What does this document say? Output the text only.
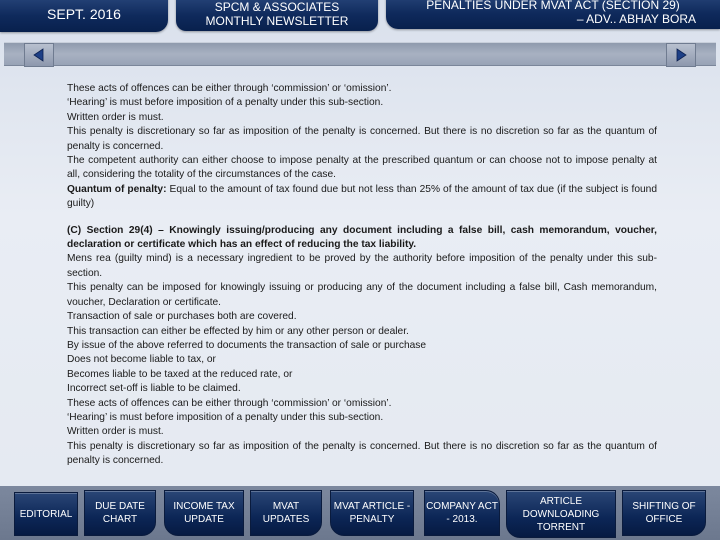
SEPT. 2016	SPCM & ASSOCIATES
MONTHLY NEWSLETTER
PENALTIES UNDER MVAT ACT (SECTION 29)
– ADV.. ABHAY BORA

These acts of offences can be either through ‘commission’ or ‘omission’.

‘Hearing’ is must before imposition of a penalty under this sub-section.

Written order is must.

This penalty is discretionary so far as imposition of the penalty is concerned. But there is no discretion so far as the quantum of penalty is concerned.

The competent authority can either choose to impose penalty at the prescribed quantum or can choose not to impose penalty at all, considering the totality of the circumstances of the case.

Quantum of penalty: Equal to the amount of tax found due but not less than 25% of the amount of tax due (if the subject is found guilty)

(C) Section 29(4) – Knowingly issuing/producing any document including a false bill, cash memorandum, voucher, declaration or certificate which has an effect of reducing the tax liability.

Mens rea (guilty mind) is a necessary ingredient to be proved by the authority before imposition of the penalty under this sub-section.

This penalty can be imposed for knowingly issuing or producing any of the document including a false bill, Cash memorandum, voucher, Declaration or certificate.

Transaction of sale or purchases both are covered.

This transaction can either be effected by him or any other person or dealer.

By issue of the above referred to documents the transaction of sale or purchase

Does not become liable to tax, or

Becomes liable to be taxed at the reduced rate, or

Incorrect set-off is liable to be claimed.

These acts of offences can be either through ‘commission’ or ‘omission’.

‘Hearing’ is must before imposition of a penalty under this sub-section.

Written order is must.

This penalty is discretionary so far as imposition of the penalty is concerned. But there is no discretion so far as the quantum of penalty is concerned.

EDITORIAL
DUE DATE CHART
INCOME TAX UPDATE
MVAT UPDATES
MVAT ARTICLE - PENALTY
COMPANY ACT - 2013.
ARTICLE DOWNLOADING TORRENT
SHIFTING OF OFFICE
